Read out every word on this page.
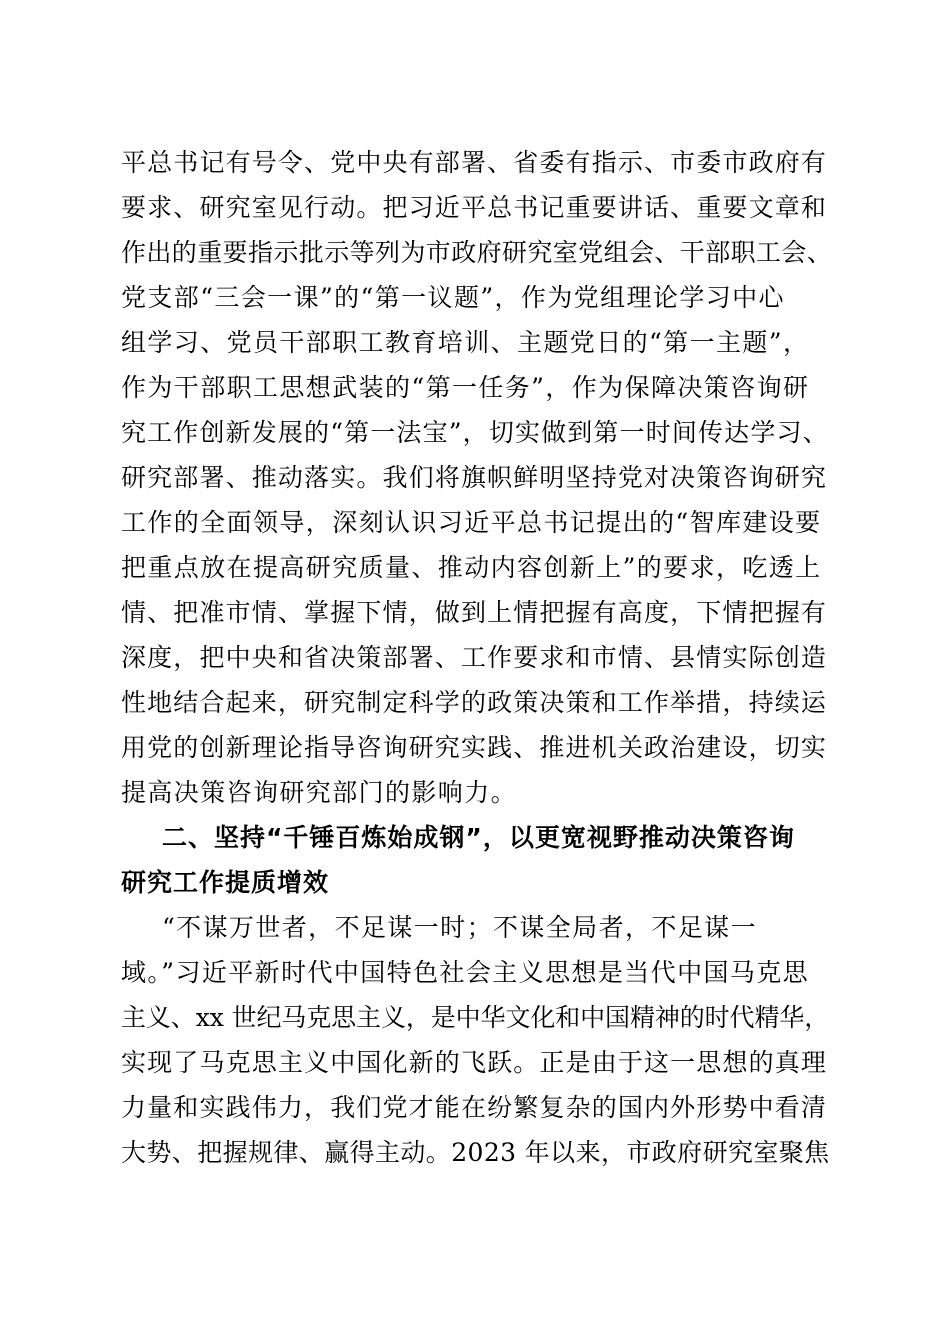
平总书记有号令、党中央有部署、省委有指示、市委市政府有
要求、研究室见行动。把习近平总书记重要讲话、重要文章和
作出的重要指示批示等列为市政府研究室党组会、干部职工会、
党支部“三会一课”的“第一议题”，作为党组理论学习中心
组学习、党员干部职工教育培训、主题党日的“第一主题”，
作为干部职工思想武装的“第一任务”，作为保障决策咨询研
究工作创新发展的“第一法宝”，切实做到第一时间传达学习、
研究部署、推动落实。我们将旗帜鲜明坚持党对决策咨询研究
工作的全面领导，深刻认识习近平总书记提出的“智库建设要
把重点放在提高研究质量、推动内容创新上”的要求，吃透上
情、把准市情、掌握下情，做到上情把握有高度，下情把握有
深度，把中央和省决策部署、工作要求和市情、县情实际创造
性地结合起来，研究制定科学的政策决策和工作举措，持续运
用党的创新理论指导咨询研究实践、推进机关政治建设，切实
提高决策咨询研究部门的影响力。
二、坚持“千锤百炼始成钢”，以更宽视野推动决策咨询
研究工作提质增效
“不谋万世者，不足谋一时；不谋全局者，不足谋一
域。”习近平新时代中国特色社会主义思想是当代中国马克思
主义、xx 世纪马克思主义，是中华文化和中国精神的时代精华，
实现了马克思主义中国化新的飞跃。正是由于这一思想的真理
力量和实践伟力，我们党才能在纷繁复杂的国内外形势中看清
大势、把握规律、赢得主动。2023 年以来，市政府研究室聚焦
